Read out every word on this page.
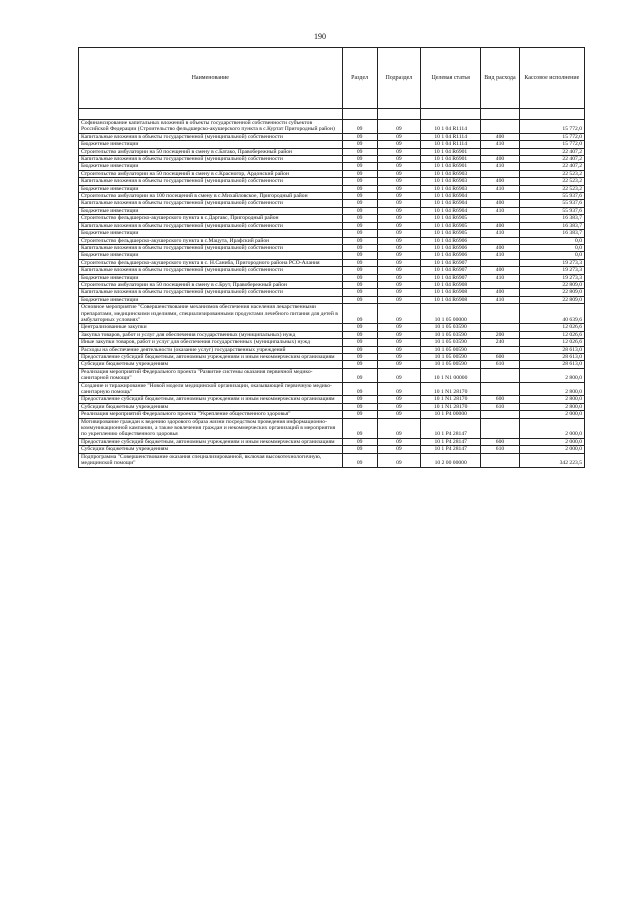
190
Наименование	Раздел	Подраздел	Целевая статья	Вид расхода	Кассовое исполнение

Софинансирование капитальных вложений в объекты государственной собственности субъектов Российской Федерации (Строительство фельдшерско-акушерского пункта в с.Куртат Пригородный район)	09	09	10 1 04 R1114		15 772,0
Капитальные вложения в объекты государственной (муниципальной) собственности	09	09	10 1 04 R1114	400	15 772,0
Бюджетные инвестиции	09	09	10 1 04 R1114	410	15 772,0
Строительство амбулатории на 50 посещений в смену в с.Батако, Правобережный район	09	09	10 1 04 R6901		22 407,2
Капитальные вложения в объекты государственной (муниципальной) собственности	09	09	10 1 04 R6901	400	22 407,2
Бюджетные инвестиции	09	09	10 1 04 R6901	410	22 407,2
Строительство амбулатории на 50 посещений в смену в с.Красногор, Ардонский район	09	09	10 1 04 R6903		22 523,2
Капитальные вложения в объекты государственной (муниципальной) собственности	09	09	10 1 04 R6903	400	22 523,2
Бюджетные инвестиции	09	09	10 1 04 R6903	410	22 523,2
Строительство амбулатории на 100 посещений в смену в с.Михайловское, Пригородный район	09	09	10 1 04 R6904		55 937,6
Капитальные вложения в объекты государственной (муниципальной) собственности	09	09	10 1 04 R6904	400	55 937,6
Бюджетные инвестиции	09	09	10 1 04 R6904	410	55 937,6
Строительство фельдшерско-акушерского пункта в с.Даргавс, Пригородный район	09	09	10 1 04 R6905		16 383,7
Капитальные вложения в объекты государственной (муниципальной) собственности	09	09	10 1 04 R6905	400	16 383,7
Бюджетные инвестиции	09	09	10 1 04 R6905	410	16 383,7
Строительство фельдшерско-акушерского пункта в с.Мацута, Ирафский район	09	09	10 1 04 R6906		0,0
Капитальные вложения в объекты государственной (муниципальной) собственности	09	09	10 1 04 R6906	400	0,0
Бюджетные инвестиции	09	09	10 1 04 R6906	410	0,0
Строительство фельдшерско-акушерского пункта в с. Н.Саниба, Пригородного района РСО-Алания	09	09	10 1 04 R6907		19 273,3
Капитальные вложения в объекты государственной (муниципальной) собственности	09	09	10 1 04 R6907	400	19 273,3
Бюджетные инвестиции	09	09	10 1 04 R6907	410	19 273,3
Строительство амбулатории на 50 посещений в смену в с.Брут, Правобережный район	09	09	10 1 04 R6908		22 809,0
Капитальные вложения в объекты государственной (муниципальной) собственности	09	09	10 1 04 R6908	400	22 809,0
Бюджетные инвестиции	09	09	10 1 04 R6908	410	22 809,0
Основное мероприятие "Совершенствование механизмов обеспечения населения лекарственными препаратами, медицинскими изделиями, специализированными продуктами лечебного питания для детей в амбулаторных условиях"	09	09	10 1 05 00000		40 639,6
Централизованные закупки	09	09	10 1 05 03590		12 026,6
Закупка товаров, работ и услуг для обеспечения государственных (муниципальных) нужд	09	09	10 1 05 03590	200	12 026,6
Иные закупки товаров, работ и услуг для обеспечения государственных (муниципальных) нужд	09	09	10 1 05 03590	240	12 026,6
Расходы на обеспечение деятельности (оказание услуг) государственных учреждений	09	09	10 1 05 00590		28 613,0
Предоставление субсидий бюджетным, автономным учреждениям и иным некоммерческим организациям	09	09	10 1 05 00590	600	28 613,0
Субсидии бюджетным учреждениям	09	09	10 1 05 00590	610	28 613,0
Реализация мероприятий Федерального проекта "Развитие системы оказания первичной медико-санитарной помощи"	09	09	10 1 N1 00000		2 800,0
Создание и тиражирование "Новой модели медицинской организации, оказывающей первичную медико-санитарную помощь"	09	09	10 1 N1 28170		2 800,0
Предоставление субсидий бюджетным, автономным учреждениям и иным некоммерческим организациям	09	09	10 1 N1 28170	600	2 800,0
Субсидии бюджетным учреждениям	09	09	10 1 N1 28170	610	2 800,0
Реализация мероприятий Федерального проекта "Укрепление общественного здоровья"	09	09	10 1 P4 00000		2 000,0
Мотивирование граждан к ведению здорового образа жизни посредством проведения информационно-коммуникационной кампании, а также вовлечения граждан и некоммерческих организаций в мероприятия по укреплению общественного здоровья	09	09	10 1 P4 28147		2 000,0
Предоставление субсидий бюджетным, автономным учреждениям и иным некоммерческим организациям	09	09	10 1 P4 28147	600	2 000,0
Субсидии бюджетным учреждениям	09	09	10 1 P4 28147	610	2 000,0
Подпрограмма "Совершенствование оказания специализированной, включая высокотехнологичную, медицинской помощи"	09	09	10 2 00 00000		342 223,5
